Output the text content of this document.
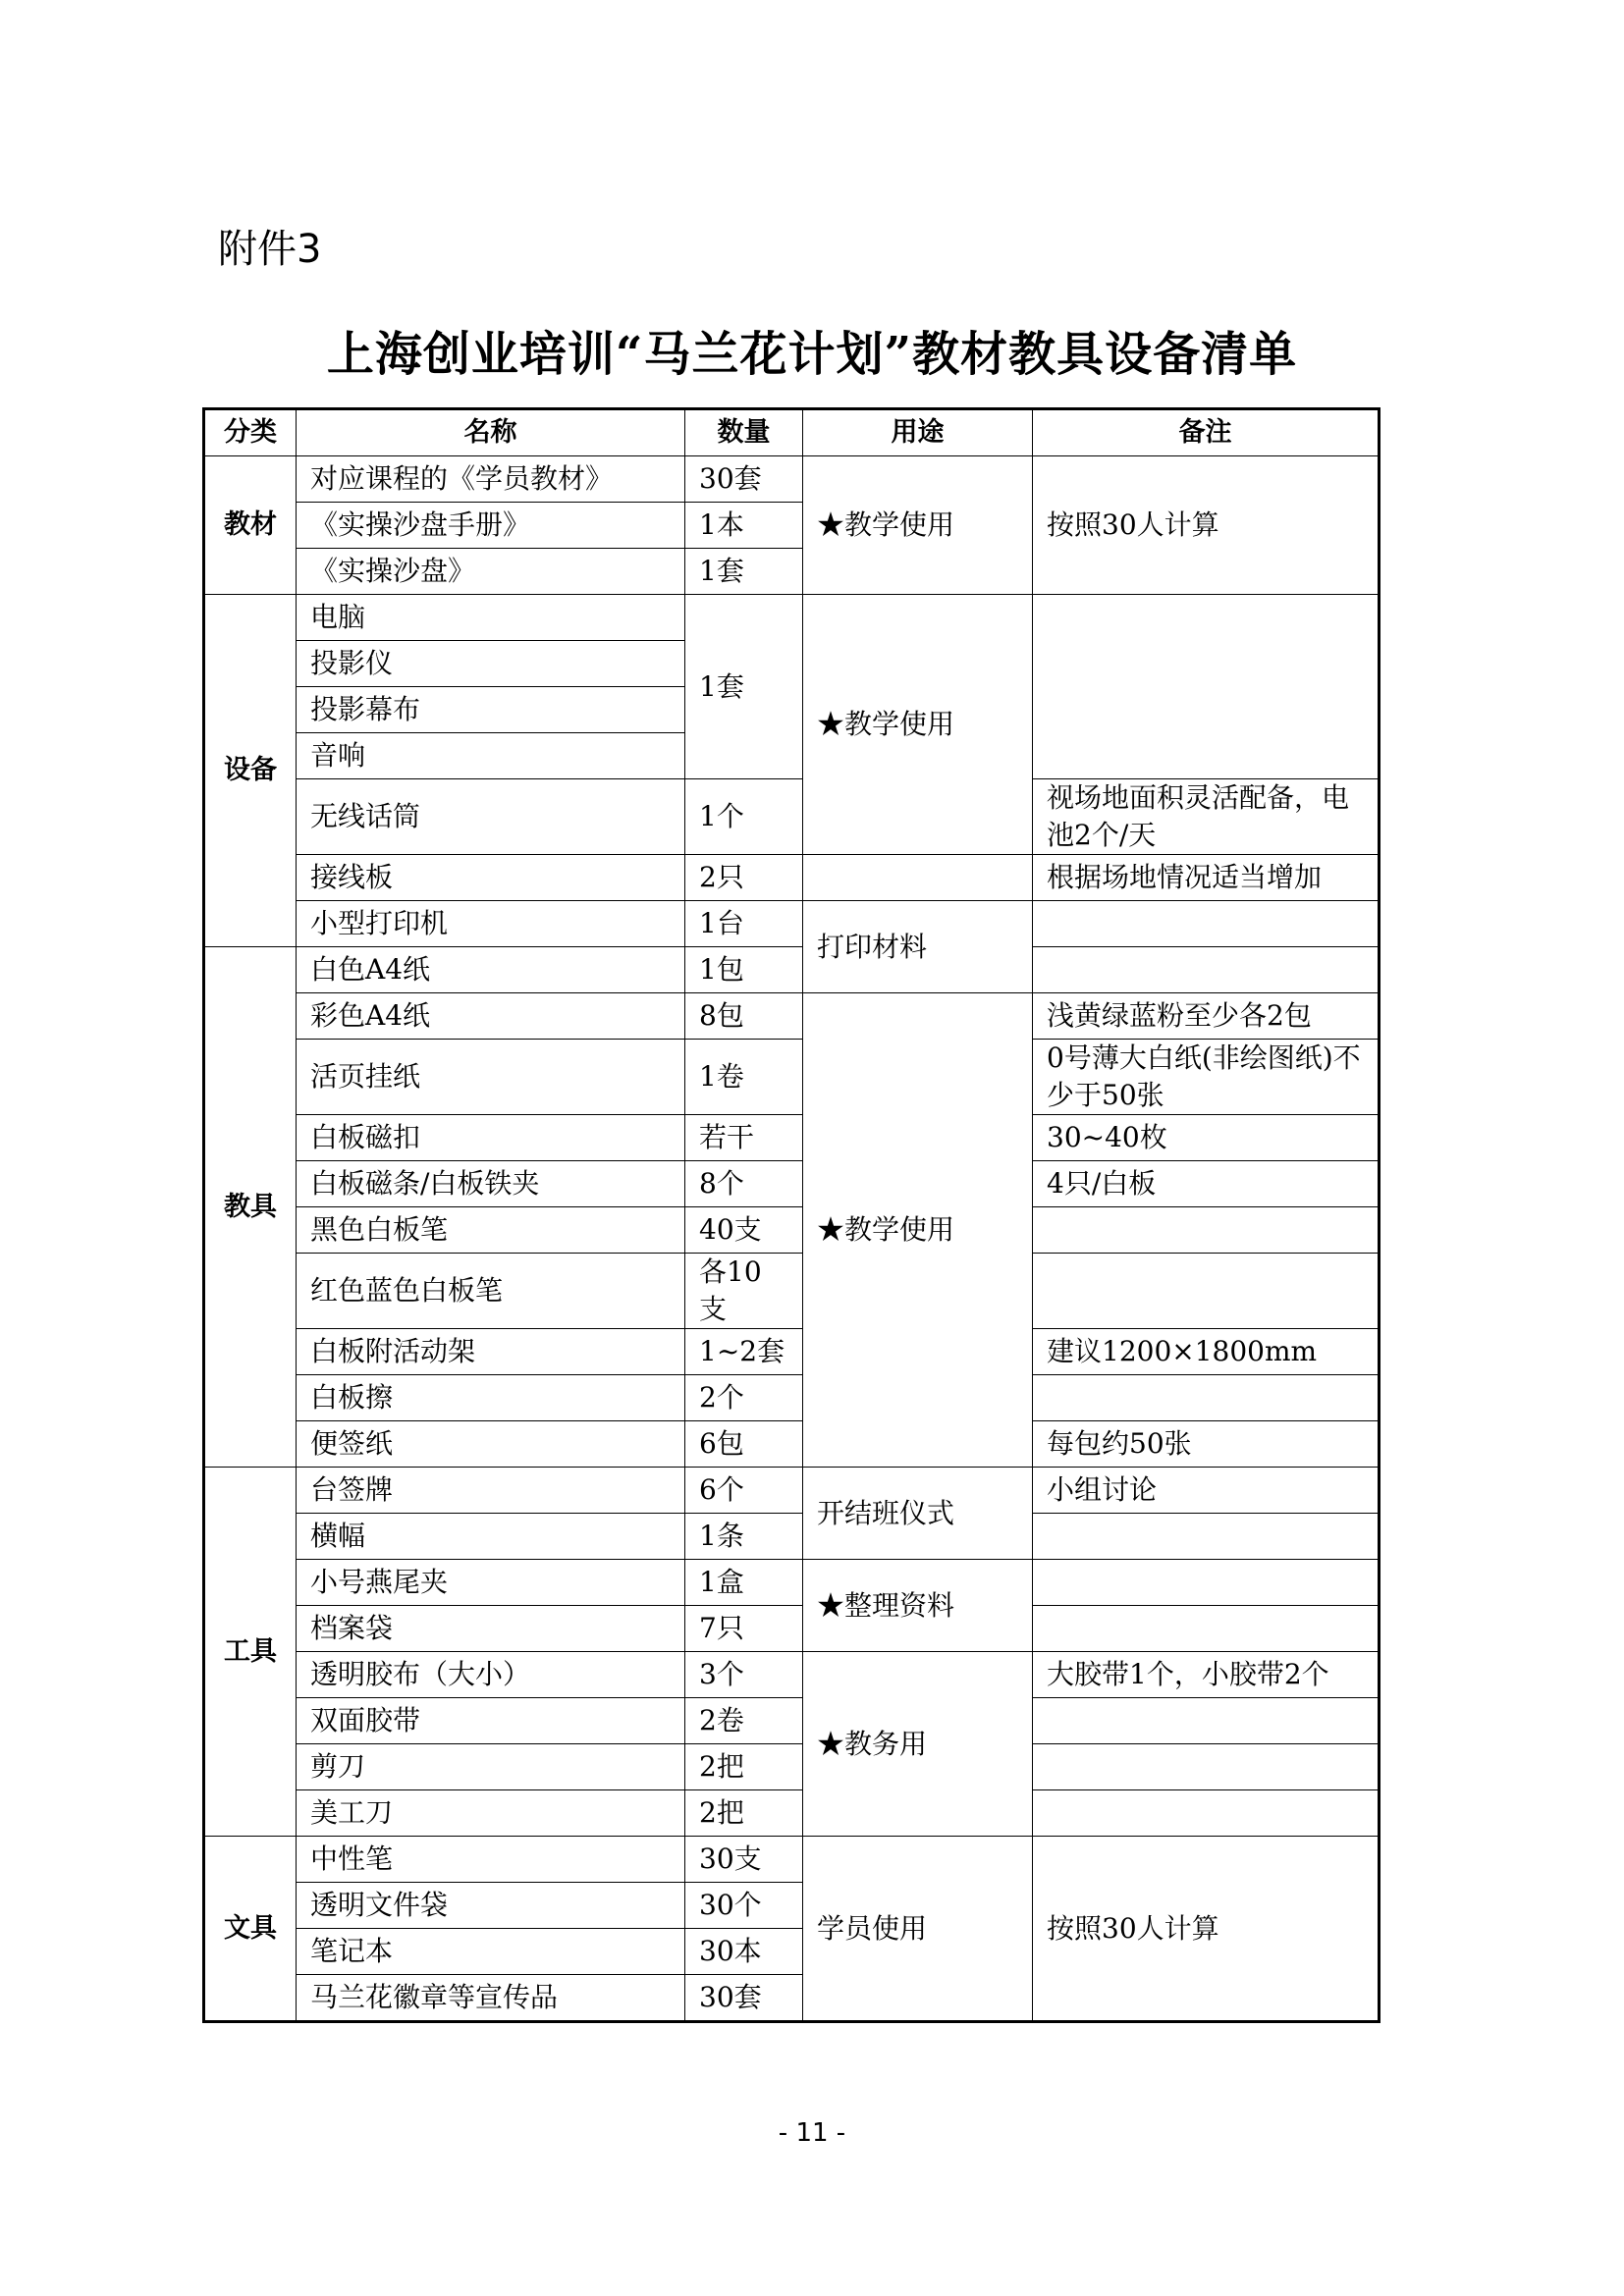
附件3
上海创业培训“马兰花计划”教材教具设备清单
分类	名称	数量	用途	备注
教材	对应课程的《学员教材》	30套	★教学使用	按照30人计算
	《实操沙盘手册》	1本		
	《实操沙盘》	1套		
设备	电脑	1套	★教学使用	
	投影仪			
	投影幕布			
	音响			
	无线话筒	1个		视场地面积灵活配备，电池2个/天
	接线板	2只		根据场地情况适当增加
	小型打印机	1台	打印材料	
教具	白色A4纸	1包		
	彩色A4纸	8包	★教学使用	浅黄绿蓝粉至少各2包
	活页挂纸	1卷		0号薄大白纸(非绘图纸)不少于50张
	白板磁扣	若干		30~40枚
	白板磁条/白板铁夹	8个		4只/白板
	黑色白板笔	40支		
	红色蓝色白板笔	各10支		
	白板附活动架	1~2套		建议1200×1800mm
	白板擦	2个		
	便签纸	6包		每包约50张
工具	台签牌	6个	开结班仪式	小组讨论
	横幅	1条		
	小号燕尾夹	1盒	★整理资料	
	档案袋	7只		
	透明胶布（大小）	3个	★教务用	大胶带1个，小胶带2个
	双面胶带	2卷		
	剪刀	2把		
	美工刀	2把		
文具	中性笔	30支	学员使用	按照30人计算
	透明文件袋	30个		
	笔记本	30本		
	马兰花徽章等宣传品	30套		
- 11 -
